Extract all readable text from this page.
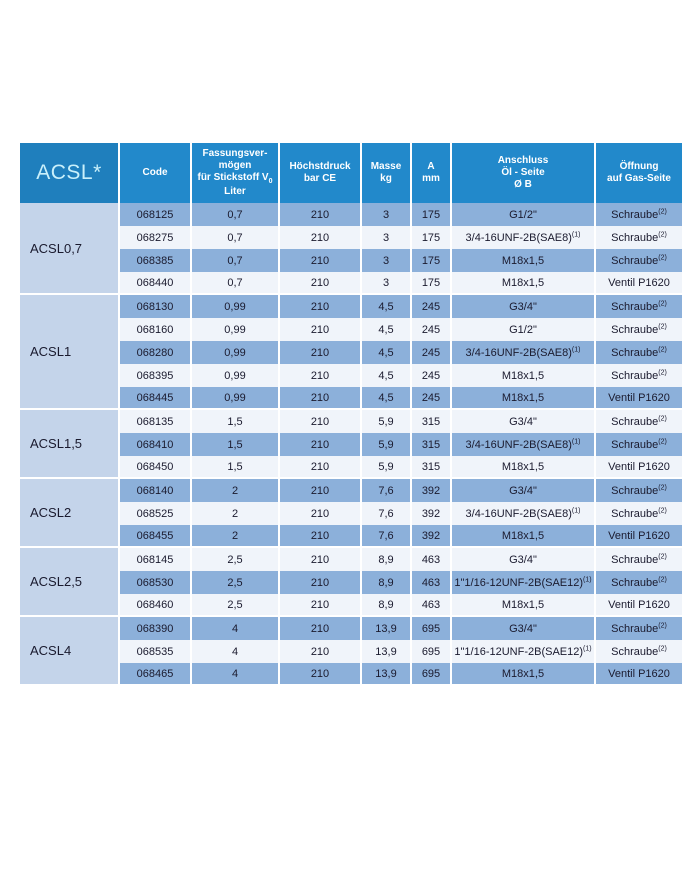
ACSL*	Code	Fassungsver-
mögen
für Stickstoff $V_0$
Liter	Höchstdruck
bar CE	Masse
kg	A
mm	Anschluss
Öl - Seite
Ø B	Öffnung
auf Gas-Seite

ACSL0,7	068125	0,7	210	3	175	G1/2"	Schraube$^{(2)}$
	068275	0,7	210	3	175	$3/4-16UNF-2B(SAE8)^{(1)}$	Schraube$^{(2)}$
	068385	0,7	210	3	175	M18x1,5	Schraube$^{(2)}$
	068440	0,7	210	3	175	M18x1,5	Ventil P1620
ACSL1	068130	0,99	210	4,5	245	G3/4"	Schraube$^{(2)}$
	068160	0,99	210	4,5	245	G1/2"	Schraube$^{(2)}$
	068280	0,99	210	4,5	245	$3/4-16UNF-2B(SAE8)^{(1)}$	Schraube$^{(2)}$
	068395	0,99	210	4,5	245	M18x1,5	Schraube$^{(2)}$
	068445	0,99	210	4,5	245	M18x1,5	Ventil P1620
ACSL1,5	068135	1,5	210	5,9	315	G3/4"	Schraube$^{(2)}$
	068410	1,5	210	5,9	315	$3/4-16UNF-2B(SAE8)^{(1)}$	Schraube$^{(2)}$
	068450	1,5	210	5,9	315	M18x1,5	Ventil P1620
ACSL2	068140	2	210	7,6	392	G3/4"	Schraube$^{(2)}$
	068525	2	210	7,6	392	$3/4-16UNF-2B(SAE8)^{(1)}$	Schraube$^{(2)}$
	068455	2	210	7,6	392	M18x1,5	Ventil P1620
ACSL2,5	068145	2,5	210	8,9	463	G3/4"	Schraube$^{(2)}$
	068530	2,5	210	8,9	463	$1"1/16-12UNF-2B(SAE12)^{(1)}$	Schraube$^{(2)}$
	068460	2,5	210	8,9	463	M18x1,5	Ventil P1620
ACSL4	068390	4	210	13,9	695	G3/4"	Schraube$^{(2)}$
	068535	4	210	13,9	695	$1"1/16-12UNF-2B(SAE12)^{(1)}$	Schraube$^{(2)}$
	068465	4	210	13,9	695	M18x1,5	Ventil P1620
